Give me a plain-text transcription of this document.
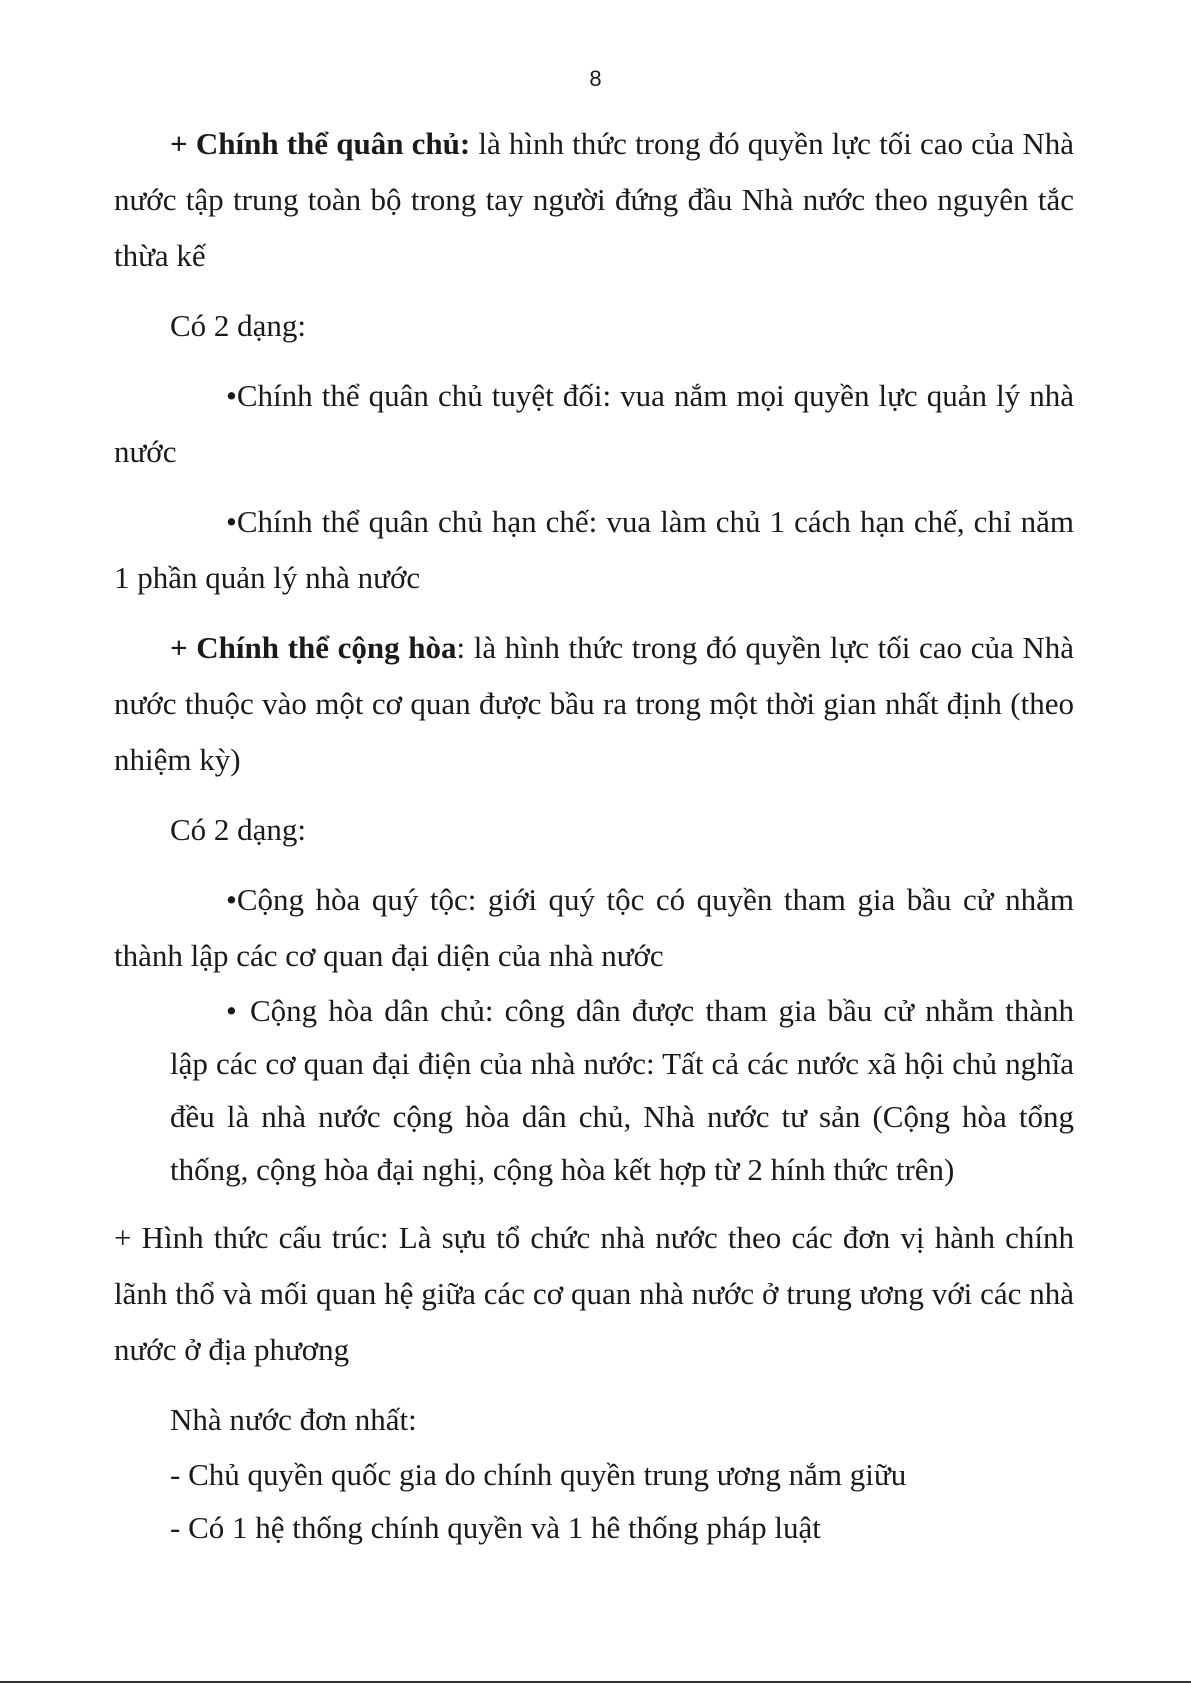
8

+ Chính thể quân chủ: là hình thức trong đó quyền lực tối cao của Nhà nước tập trung toàn bộ trong tay người đứng đầu Nhà nước theo nguyên tắc thừa kế

Có 2 dạng:

•Chính thể quân chủ tuyệt đối: vua nắm mọi quyền lực quản lý nhà nước

•Chính thể quân chủ hạn chế: vua làm chủ 1 cách hạn chế, chỉ năm 1 phần quản lý nhà nước

+ Chính thể cộng hòa: là hình thức trong đó quyền lực tối cao của Nhà nước thuộc vào một cơ quan được bầu ra trong một thời gian nhất định (theo nhiệm kỳ)

Có 2 dạng:

•Cộng hòa quý tộc: giới quý tộc có quyền tham gia bầu cử nhằm thành lập các cơ quan đại diện của nhà nước

• Cộng hòa dân chủ: công dân được tham gia bầu cử nhằm thành lập các cơ quan đại điện của nhà nước: Tất cả các nước xã hội chủ nghĩa đều là nhà nước cộng hòa dân chủ, Nhà nước tư sản (Cộng hòa tổng thống, cộng hòa đại nghị, cộng hòa kết hợp từ 2 hính thức trên)

+ Hình thức cấu trúc: Là sựu tổ chức nhà nước theo các đơn vị hành chính lãnh thổ và mối quan hệ giữa các cơ quan nhà nước ở trung ương với các nhà nước ở địa phương

Nhà nước đơn nhất:

- Chủ quyền quốc gia do chính quyền trung ương nắm giữu

- Có 1 hệ thống chính quyền và 1 hê thống pháp luật
